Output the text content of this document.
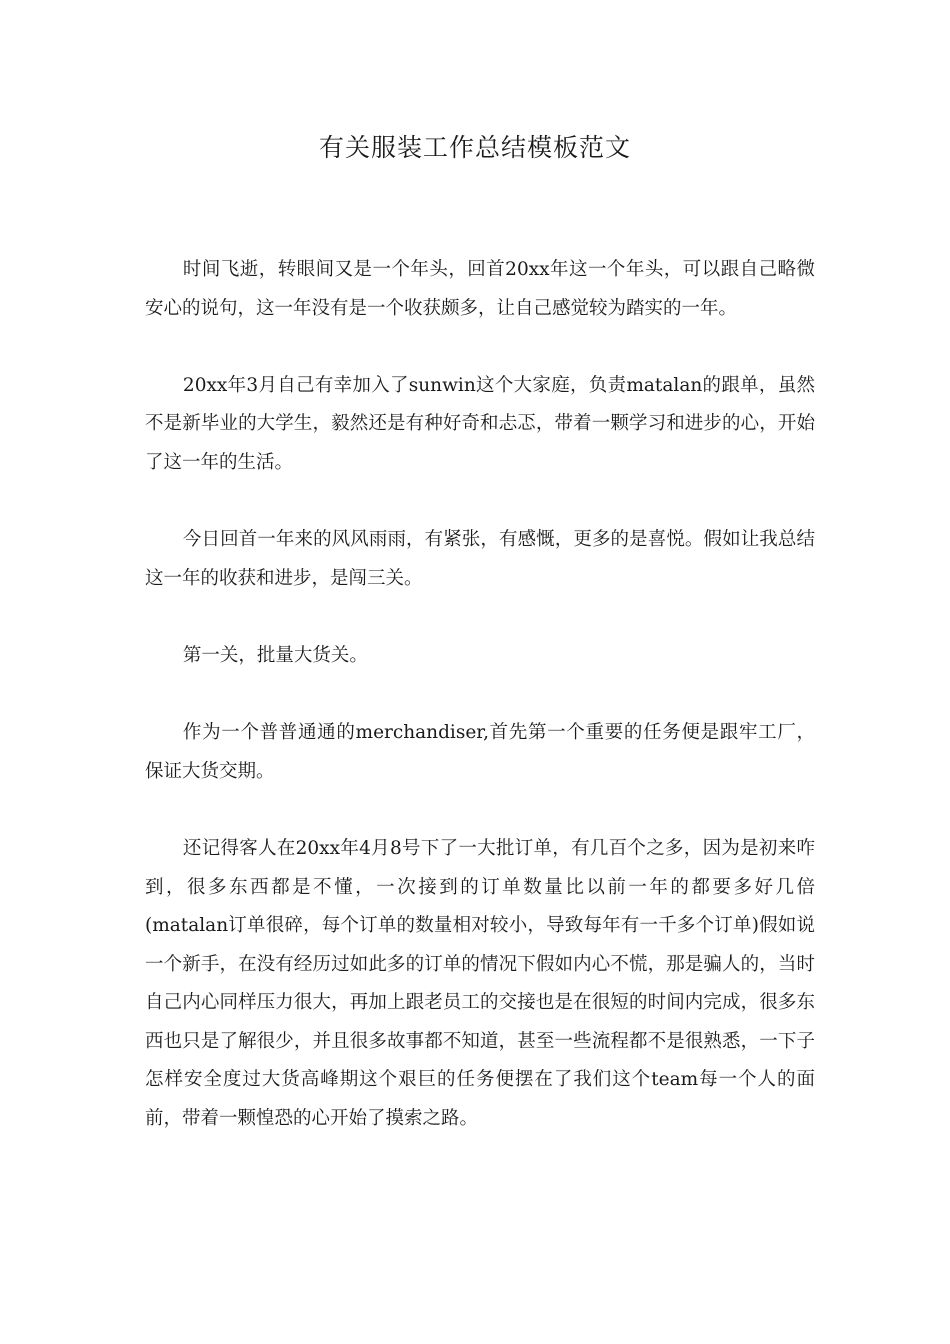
有关服装工作总结模板范文

时间飞逝，转眼间又是一个年头，回首20xx年这一个年头，可以跟自己略微安心的说句，这一年没有是一个收获颇多，让自己感觉较为踏实的一年。

20xx年3月自己有幸加入了sunwin这个大家庭，负责matalan的跟单，虽然不是新毕业的大学生，毅然还是有种好奇和忐忑，带着一颗学习和进步的心，开始了这一年的生活。

今日回首一年来的风风雨雨，有紧张，有感慨，更多的是喜悦。假如让我总结这一年的收获和进步，是闯三关。

第一关，批量大货关。

作为一个普普通通的merchandiser,首先第一个重要的任务便是跟牢工厂，保证大货交期。

还记得客人在20xx年4月8号下了一大批订单，有几百个之多，因为是初来咋到，很多东西都是不懂，一次接到的订单数量比以前一年的都要多好几倍(matalan订单很碎，每个订单的数量相对较小，导致每年有一千多个订单)假如说一个新手，在没有经历过如此多的订单的情况下假如内心不慌，那是骗人的，当时自己内心同样压力很大，再加上跟老员工的交接也是在很短的时间内完成，很多东西也只是了解很少，并且很多故事都不知道，甚至一些流程都不是很熟悉，一下子怎样安全度过大货高峰期这个艰巨的任务便摆在了我们这个team每一个人的面前，带着一颗惶恐的心开始了摸索之路。
